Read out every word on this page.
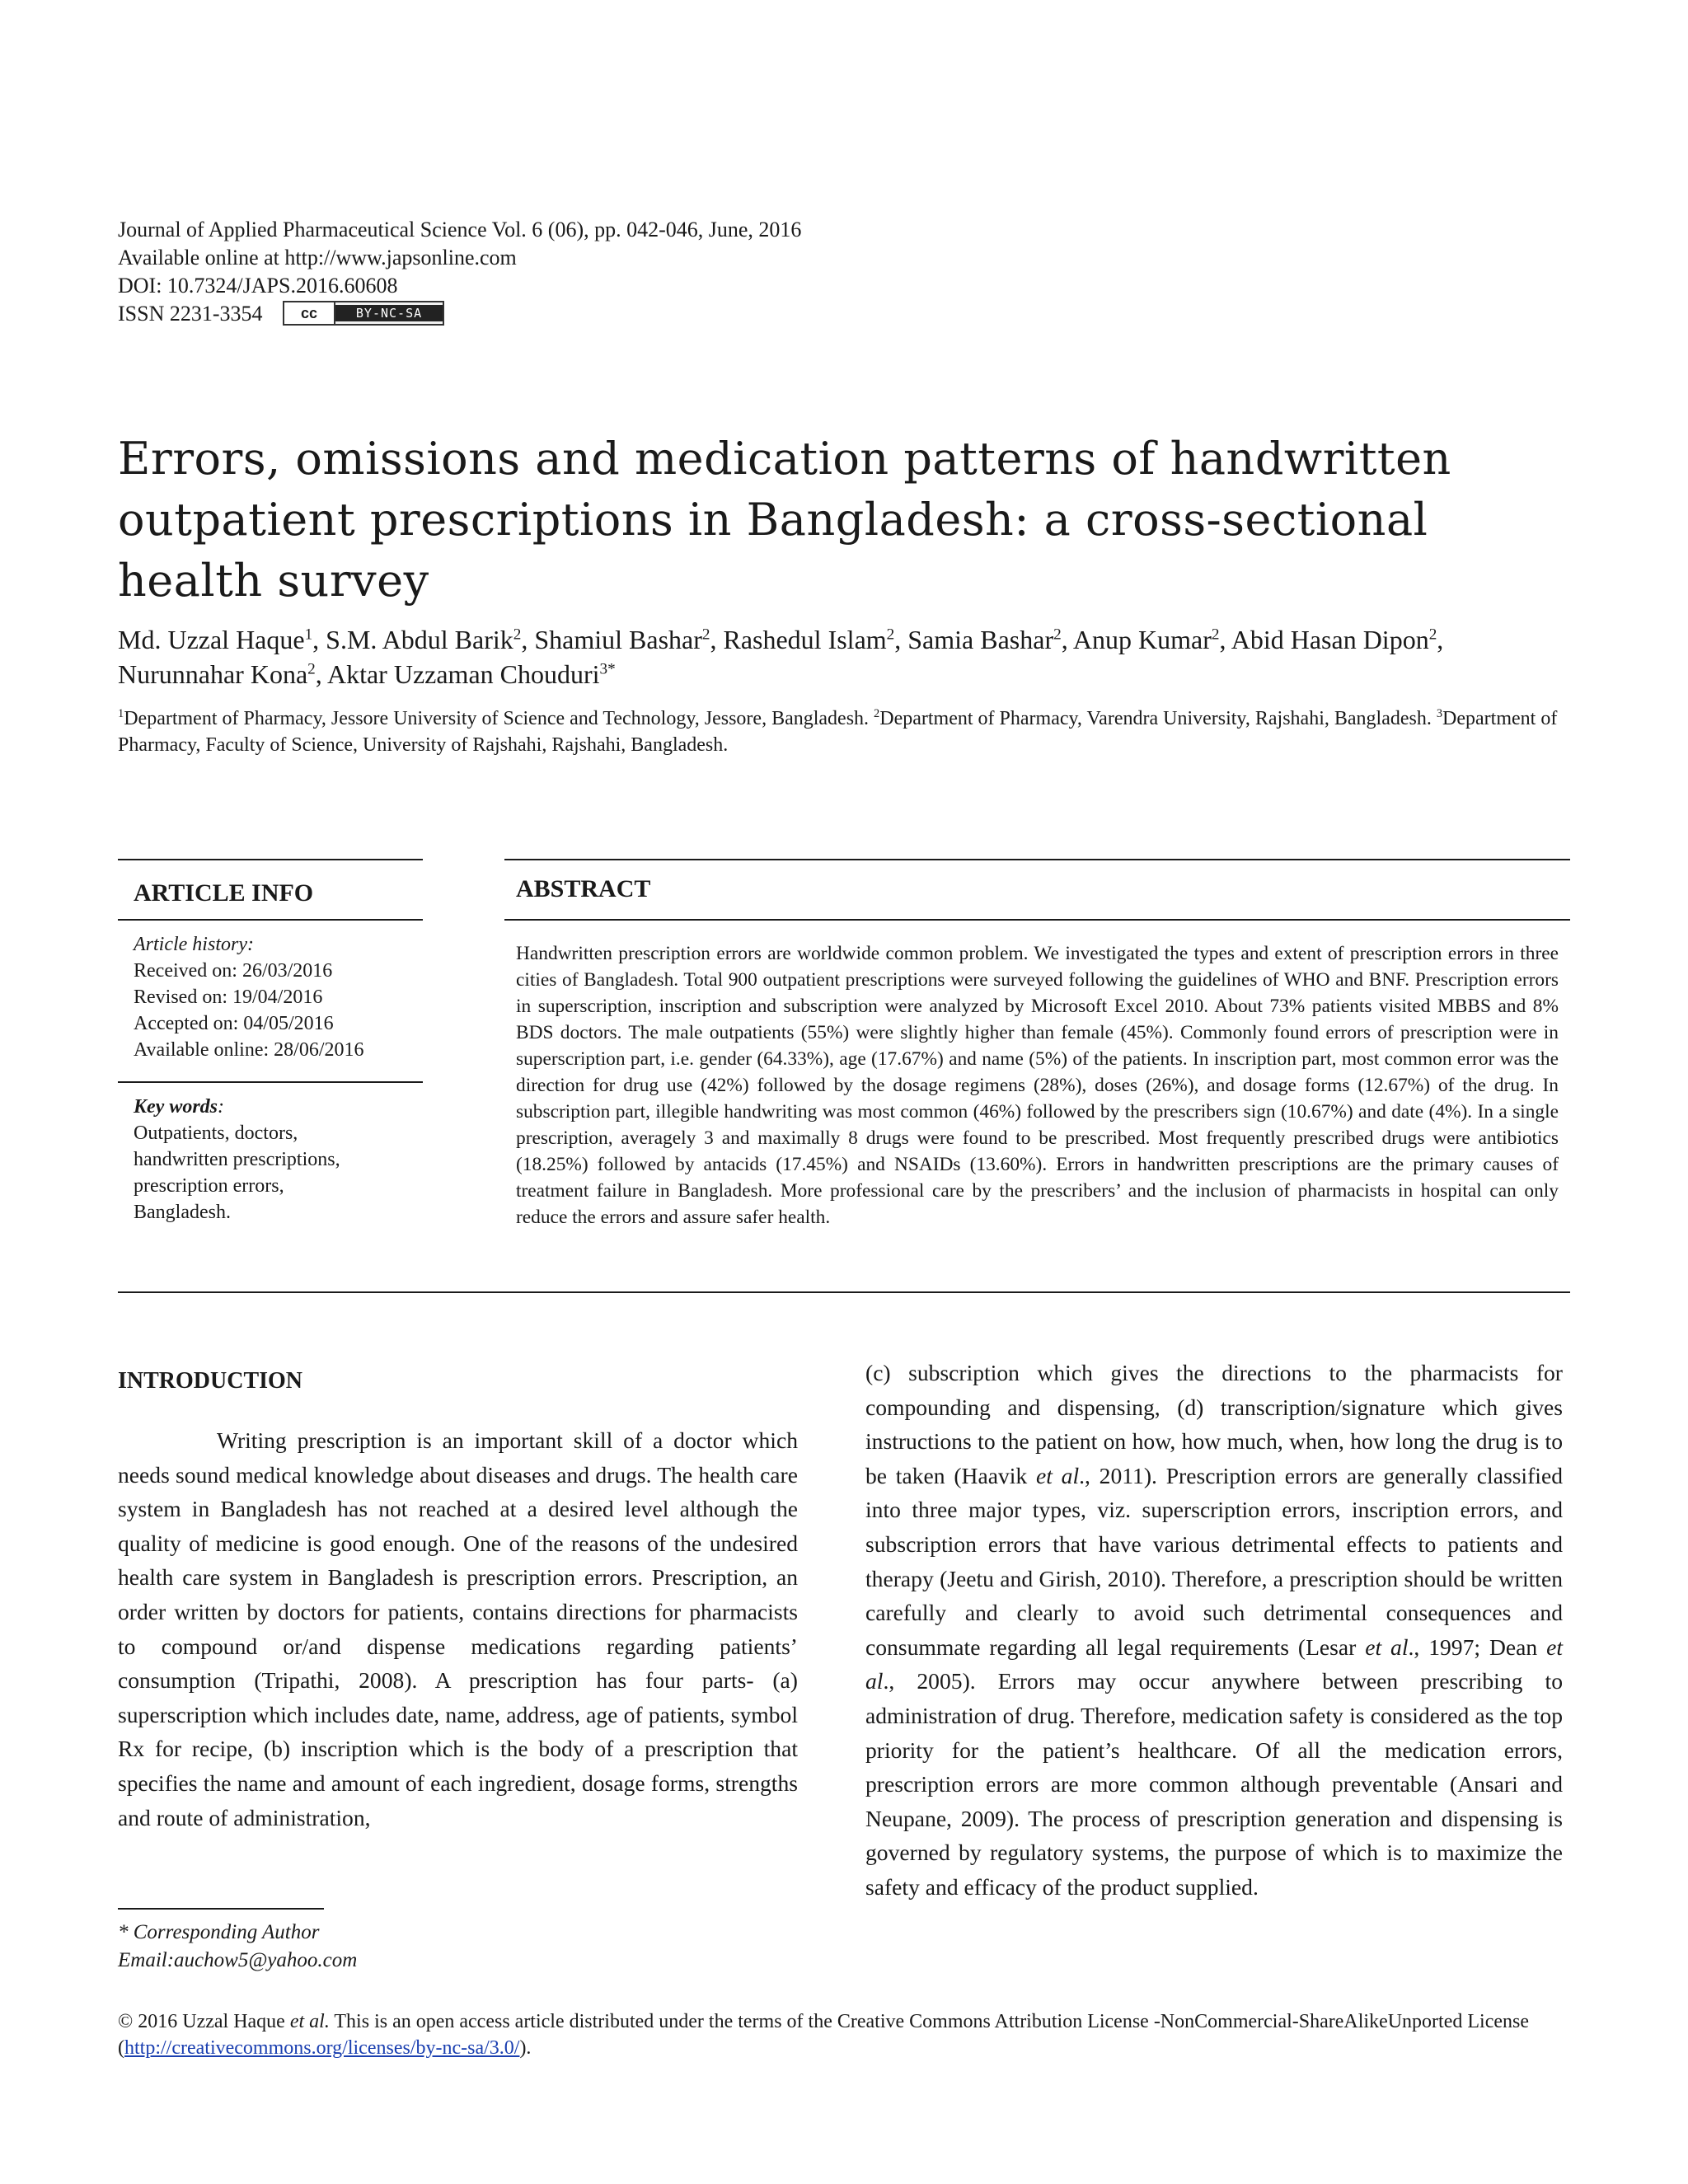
Journal of Applied Pharmaceutical Science Vol. 6 (06), pp. 042-046, June, 2016
Available online at http://www.japsonline.com
DOI: 10.7324/JAPS.2016.60608
ISSN 2231-3354	cc	BY-NC-SA
Errors, omissions and medication patterns of handwritten outpatient prescriptions in Bangladesh: a cross-sectional health survey
Md. Uzzal Haque$^1$, S.M. Abdul Barik$^2$, Shamiul Bashar$^2$, Rashedul Islam$^2$, Samia Bashar$^2$, Anup Kumar$^2$, Abid Hasan Dipon$^2$, Nurunnahar Kona$^2$, Aktar Uzzaman Chouduri$^{3*}$
$^1$Department of Pharmacy, Jessore University of Science and Technology, Jessore, Bangladesh. $^2$Department of Pharmacy, Varendra University, Rajshahi, Bangladesh. $^3$Department of Pharmacy, Faculty of Science, University of Rajshahi, Rajshahi, Bangladesh.
ARTICLE INFO
Article history:
Received on: 26/03/2016
Revised on: 19/04/2016
Accepted on: 04/05/2016
Available online: 28/06/2016
Key words:
Outpatients, doctors,
handwritten prescriptions,
prescription errors,
Bangladesh.
ABSTRACT
Handwritten prescription errors are worldwide common problem. We investigated the types and extent of prescription errors in three cities of Bangladesh. Total 900 outpatient prescriptions were surveyed following the guidelines of WHO and BNF. Prescription errors in superscription, inscription and subscription were analyzed by Microsoft Excel 2010. About 73% patients visited MBBS and 8% BDS doctors. The male outpatients (55%) were slightly higher than female (45%). Commonly found errors of prescription were in superscription part, i.e. gender (64.33%), age (17.67%) and name (5%) of the patients. In inscription part, most common error was the direction for drug use (42%) followed by the dosage regimens (28%), doses (26%), and dosage forms (12.67%) of the drug. In subscription part, illegible handwriting was most common (46%) followed by the prescribers sign (10.67%) and date (4%). In a single prescription, averagely 3 and maximally 8 drugs were found to be prescribed. Most frequently prescribed drugs were antibiotics (18.25%) followed by antacids (17.45%) and NSAIDs (13.60%). Errors in handwritten prescriptions are the primary causes of treatment failure in Bangladesh. More professional care by the prescribers’ and the inclusion of pharmacists in hospital can only reduce the errors and assure safer health.
INTRODUCTION
Writing prescription is an important skill of a doctor which needs sound medical knowledge about diseases and drugs. The health care system in Bangladesh has not reached at a desired level although the quality of medicine is good enough. One of the reasons of the undesired health care system in Bangladesh is prescription errors. Prescription, an order written by doctors for patients, contains directions for pharmacists to compound or/and dispense medications regarding patients’ consumption (Tripathi, 2008). A prescription has four parts- (a) superscription which includes date, name, address, age of patients, symbol Rx for recipe, (b) inscription which is the body of a prescription that specifies the name and amount of each ingredient, dosage forms, strengths and route of administration,
(c) subscription which gives the directions to the pharmacists for compounding and dispensing, (d) transcription/signature which gives instructions to the patient on how, how much, when, how long the drug is to be taken (Haavik et al., 2011). Prescription errors are generally classified into three major types, viz. superscription errors, inscription errors, and subscription errors that have various detrimental effects to patients and therapy (Jeetu and Girish, 2010). Therefore, a prescription should be written carefully and clearly to avoid such detrimental consequences and consummate regarding all legal requirements (Lesar et al., 1997; Dean et al., 2005). Errors may occur anywhere between prescribing to administration of drug. Therefore, medication safety is considered as the top priority for the patient’s healthcare. Of all the medication errors, prescription errors are more common although preventable (Ansari and Neupane, 2009). The process of prescription generation and dispensing is governed by regulatory systems, the purpose of which is to maximize the safety and efficacy of the product supplied.
* Corresponding Author
Email:auchow5@yahoo.com
© 2016 Uzzal Haque et al. This is an open access article distributed under the terms of the Creative Commons Attribution License -NonCommercial-ShareAlikeUnported License (http://creativecommons.org/licenses/by-nc-sa/3.0/).
